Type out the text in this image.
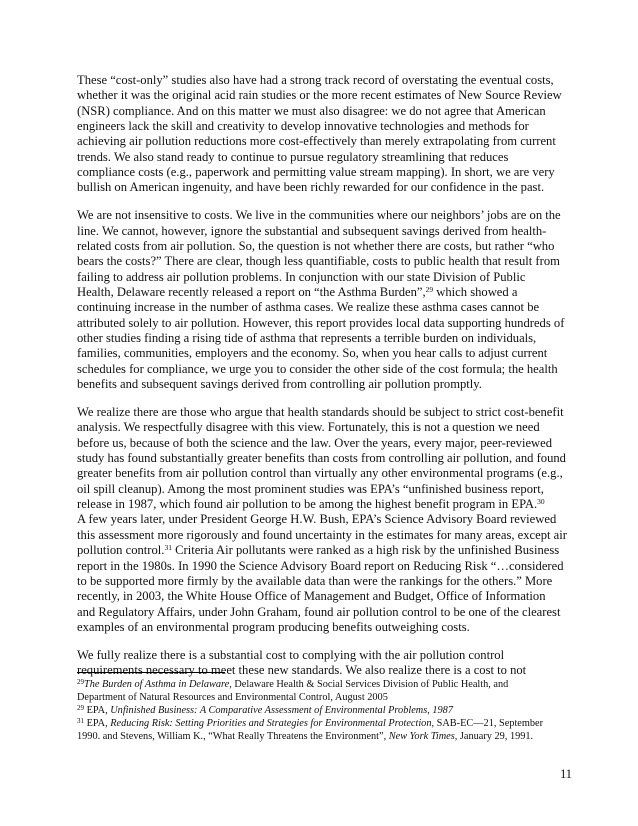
These “cost-only” studies also have had a strong track record of overstating the eventual costs,
whether it was the original acid rain studies or the more recent estimates of New Source Review
(NSR) compliance. And on this matter we must also disagree: we do not agree that American
engineers lack the skill and creativity to develop innovative technologies and methods for
achieving air pollution reductions more cost-effectively than merely extrapolating from current
trends. We also stand ready to continue to pursue regulatory streamlining that reduces
compliance costs (e.g., paperwork and permitting value stream mapping). In short, we are very
bullish on American ingenuity, and have been richly rewarded for our confidence in the past.
We are not insensitive to costs. We live in the communities where our neighbors’ jobs are on the
line. We cannot, however, ignore the substantial and subsequent savings derived from health-
related costs from air pollution. So, the question is not whether there are costs, but rather “who
bears the costs?” There are clear, though less quantifiable, costs to public health that result from
failing to address air pollution problems. In conjunction with our state Division of Public
Health, Delaware recently released a report on “the Asthma Burden”,$^{29}$ which showed a
continuing increase in the number of asthma cases. We realize these asthma cases cannot be
attributed solely to air pollution. However, this report provides local data supporting hundreds of
other studies finding a rising tide of asthma that represents a terrible burden on individuals,
families, communities, employers and the economy. So, when you hear calls to adjust current
schedules for compliance, we urge you to consider the other side of the cost formula; the health
benefits and subsequent savings derived from controlling air pollution promptly.
We realize there are those who argue that health standards should be subject to strict cost-benefit
analysis. We respectfully disagree with this view. Fortunately, this is not a question we need
before us, because of both the science and the law. Over the years, every major, peer-reviewed
study has found substantially greater benefits than costs from controlling air pollution, and found
greater benefits from air pollution control than virtually any other environmental programs (e.g.,
oil spill cleanup). Among the most prominent studies was EPA’s “unfinished business report,
release in 1987, which found air pollution to be among the highest benefit program in EPA.$^{30}$
A few years later, under President George H.W. Bush, EPA’s Science Advisory Board reviewed
this assessment more rigorously and found uncertainty in the estimates for many areas, except air
pollution control.$^{31}$ Criteria Air pollutants were ranked as a high risk by the unfinished Business
report in the 1980s. In 1990 the Science Advisory Board report on Reducing Risk “…considered
to be supported more firmly by the available data than were the rankings for the others.” More
recently, in 2003, the White House Office of Management and Budget, Office of Information
and Regulatory Affairs, under John Graham, found air pollution control to be one of the clearest
examples of an environmental program producing benefits outweighing costs.
We fully realize there is a substantial cost to complying with the air pollution control
requirements necessary to meet these new standards. We also realize there is a cost to not
$^{29}$The Burden of Asthma in Delaware, Delaware Health & Social Services Division of Public Health, and
Department of Natural Resources and Environmental Control, August 2005
$^{29}$ EPA, Unfinished Business: A Comparative Assessment of Environmental Problems, 1987
$^{31}$ EPA, Reducing Risk: Setting Priorities and Strategies for Environmental Protection, SAB-EC—21, September
1990. and Stevens, William K., “What Really Threatens the Environment”, New York Times, January 29, 1991.
11
